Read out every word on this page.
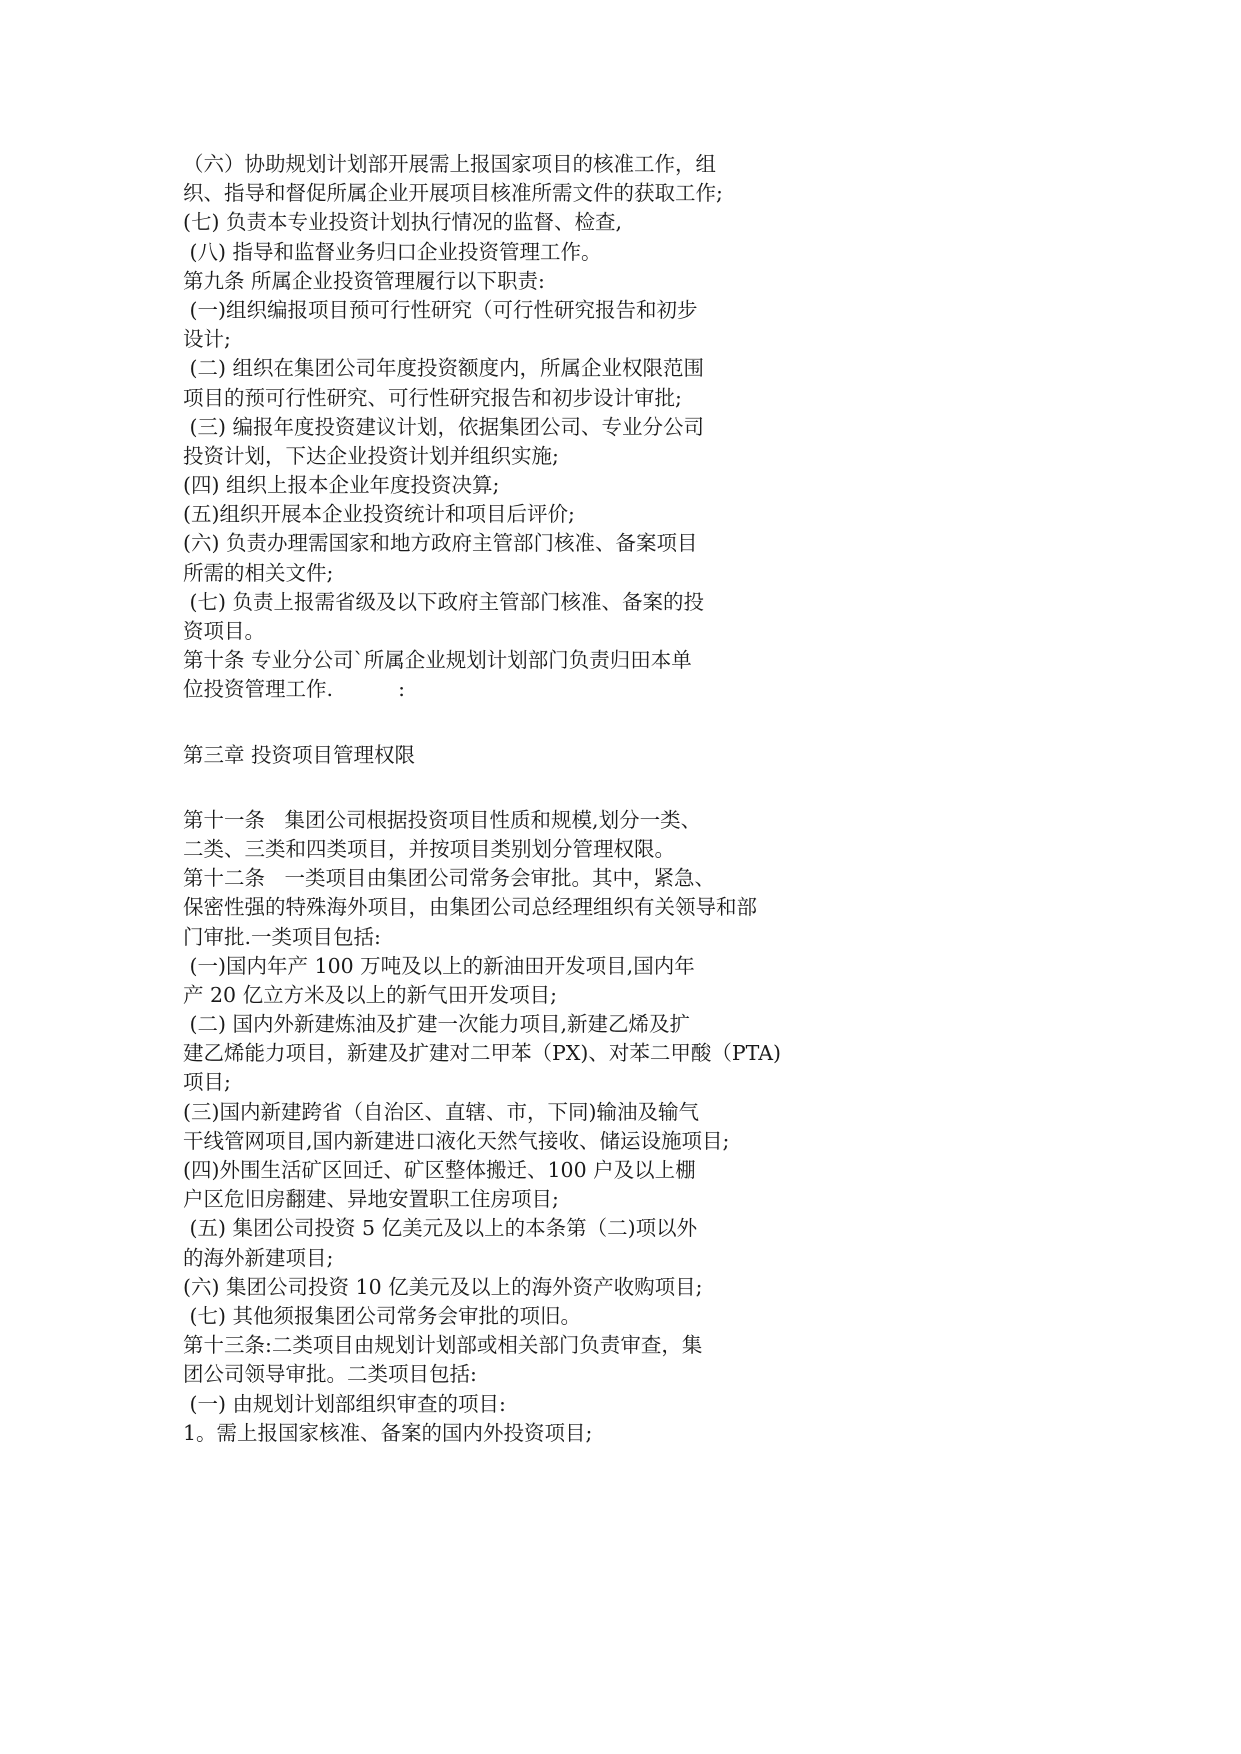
（六）协助规划计划部开展需上报国家项目的核准工作，组
织、指导和督促所属企业开展项目核准所需文件的获取工作;
(七) 负责本专业投资计划执行情况的监督、检查,
(八) 指导和监督业务归口企业投资管理工作。
第九条 所属企业投资管理履行以下职责:
(一)组织编报项目预可行性研究（可行性研究报告和初步
设计;
(二) 组织在集团公司年度投资额度内，所属企业权限范围
项目的预可行性研究、可行性研究报告和初步设计审批;
(三) 编报年度投资建议计划，依据集团公司、专业分公司
投资计划，下达企业投资计划并组织实施;
(四) 组织上报本企业年度投资决算;
(五)组织开展本企业投资统计和项目后评价;
(六) 负责办理需国家和地方政府主管部门核准、备案项目
所需的相关文件;
(七) 负责上报需省级及以下政府主管部门核准、备案的投
资项目。
第十条 专业分公司`所属企业规划计划部门负责归田本单
位投资管理工作.          :
第三章 投资项目管理权限
第十一条   集团公司根据投资项目性质和规模,划分一类、
二类、三类和四类项目，并按项目类别划分管理权限。
第十二条   一类项目由集团公司常务会审批。其中，紧急、
保密性强的特殊海外项目，由集团公司总经理组织有关领导和部
门审批.一类项目包括:
(一)国内年产 100 万吨及以上的新油田开发项目,国内年
产 20 亿立方米及以上的新气田开发项目;
(二) 国内外新建炼油及扩建一次能力项目,新建乙烯及扩
建乙烯能力项目，新建及扩建对二甲苯（PX)、对苯二甲酸（PTA)
项目;
(三)国内新建跨省（自治区、直辖、市，下同)输油及输气
干线管网项目,国内新建进口液化天然气接收、储运设施项目;
(四)外围生活矿区回迁、矿区整体搬迁、100 户及以上棚
户区危旧房翻建、异地安置职工住房项目;
(五) 集团公司投资 5 亿美元及以上的本条第（二)项以外
的海外新建项目;
(六) 集团公司投资 10 亿美元及以上的海外资产收购项目;
(七) 其他须报集团公司常务会审批的项旧。
第十三条:二类项目由规划计划部或相关部门负责审查，集
团公司领导审批。二类项目包括:
(一) 由规划计划部组织审查的项目:
1。需上报国家核准、备案的国内外投资项目;
